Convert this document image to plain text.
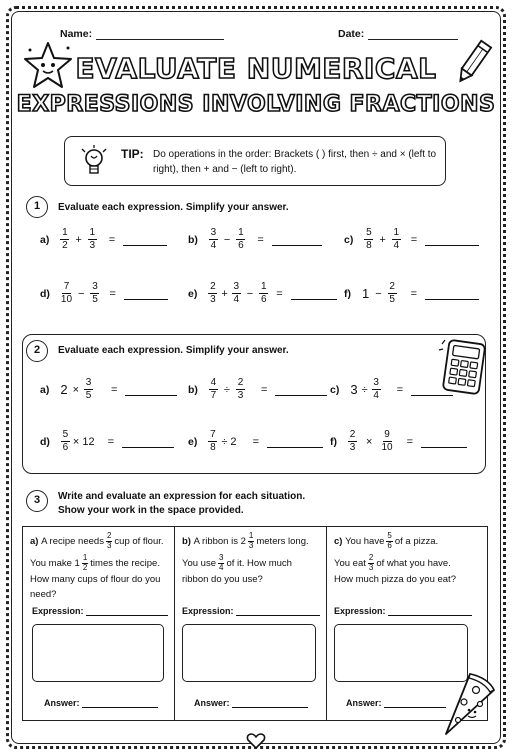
Name:	Date:
EVALUATE NUMERICAL
EXPRESSIONS INVOLVING FRACTIONS
TIP: Do operations in the order: Brackets ( ) first, then ÷ and × (left to right), then + and − (left to right).
1	Evaluate each expression. Simplify your answer.
$a) \frac{1}{2} + \frac{1}{3}$ =	$b) \frac{3}{4} - \frac{1}{6}$ =	$c) \frac{5}{8} + \frac{1}{4}$ =
$d) \frac{7}{10} - \frac{3}{5}$ =	$e) \frac{2}{3} + \frac{3}{4} - \frac{1}{6}$ =	f) $1 - \frac{2}{5}$ =
2	Evaluate each expression. Simplify your answer.
a) $2 \times \frac{3}{5}$ =	$b) \frac{4}{7} \div \frac{2}{3}$ =	c) $3 \div \frac{3}{4}$ =
$d) \frac{5}{6} \times 12$ =	$e) \frac{7}{8} \div 2$ =	$f) \frac{2}{3} \times \frac{9}{10}$ =
3	Write and evaluate an expression for each situation.
Show your work in the space provided.
a)
A recipe needs $\frac{2}{3}$ cup of flour.
You make $1 \frac{1}{2}$ times the recipe.
How many cups of flour do you
need?
b)
A ribbon is $2 \frac{1}{3}$ meters long.
You use $\frac{3}{4}$ of it. How much
ribbon do you use?
c)
You have $\frac{5}{6}$ of a pizza.
You eat $\frac{2}{3}$ of what you have.
How much pizza do you eat?
Expression:	Expression:	Expression:
Answer:	Answer:	Answer:
